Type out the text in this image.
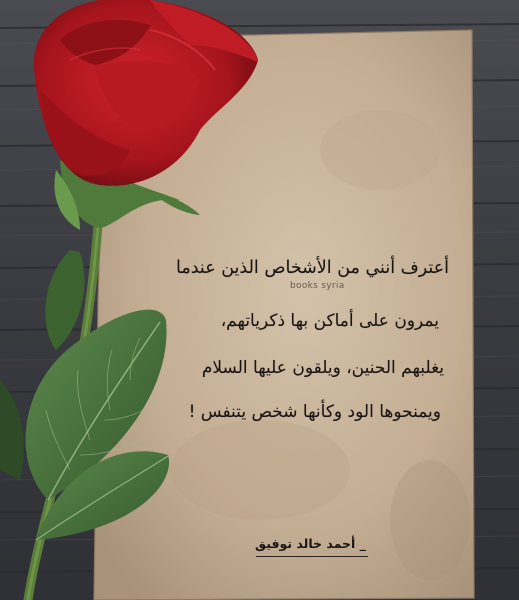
أعترف أنني من الأشخاص الذين عندما
books syria
يمرون على أماكن بها ذكرياتهم،
يغلبهم الحنين، ويلقون عليها السلام
ويمنحوها الود وكأنها شخص يتنفس !
_ أحمد خالد توفيق
